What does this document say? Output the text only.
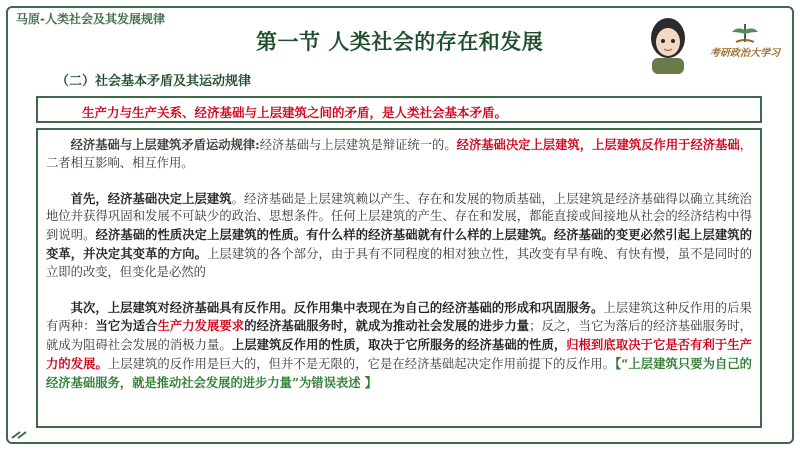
马原-人类社会及其发展规律
第一节 人类社会的存在和发展	考研政治大学习
（二）社会基本矛盾及其运动规律
生产力与生产关系、经济基础与上层建筑之间的矛盾，是人类社会基本矛盾。

经济基础与上层建筑矛盾运动规律:经济基础与上层建筑是辩证统一的。经济基础决定上层建筑，上层建筑反作用于经济基础，二者相互影响、相互作用。

首先，经济基础决定上层建筑。经济基础是上层建筑赖以产生、存在和发展的物质基础，上层建筑是经济基础得以确立其统治地位并获得巩固和发展不可缺少的政治、思想条件。任何上层建筑的产生、存在和发展，都能直接或间接地从社会的经济结构中得到说明。经济基础的性质决定上层建筑的性质。有什么样的经济基础就有什么样的上层建筑。经济基础的变更必然引起上层建筑的变革，并决定其变革的方向。上层建筑的各个部分，由于具有不同程度的相对独立性，其改变有早有晚、有快有慢，虽不是同时的立即的改变，但变化是必然的

其次，上层建筑对经济基础具有反作用。反作用集中表现在为自己的经济基础的形成和巩固服务。上层建筑这种反作用的后果有两种：当它为适合生产力发展要求的经济基础服务时，就成为推动社会发展的进步力量；反之，当它为落后的经济基础服务时，就成为阻碍社会发展的消极力量。上层建筑反作用的性质，取决于它所服务的经济基础的性质，归根到底取决于它是否有利于生产力的发展。上层建筑的反作用是巨大的，但并不是无限的，它是在经济基础起决定作用前提下的反作用。【“上层建筑只要为自己的经济基础服务，就是推动社会发展的进步力量”为错误表述 】
